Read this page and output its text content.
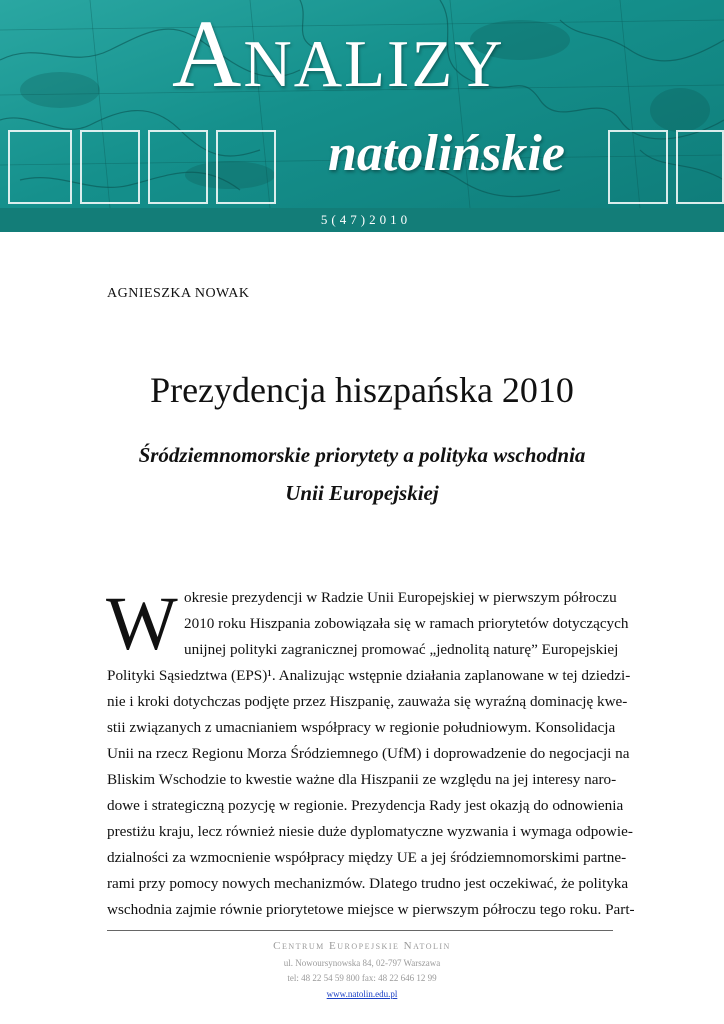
Analizy
natolińskie
5(47)2010
AGNIESZKA NOWAK
Prezydencja hiszpańska 2010
Śródziemnomorskie priorytety a polityka wschodnia
Unii Europejskiej
W okresie prezydencji w Radzie Unii Europejskiej w pierwszym półroczu
2010 roku Hiszpania zobowiązała się w ramach priorytetów dotyczących
unijnej polityki zagranicznej promować „jednolitą naturę” Europejskiej
Polityki Sąsiedztwa (EPS)¹. Analizując wstępnie działania zaplanowane w tej dziedzi-
nie i kroki dotychczas podjęte przez Hiszpanię, zauważa się wyraźną dominację kwe-
stii związanych z umacnianiem współpracy w regionie południowym. Konsolidacja
Unii na rzecz Regionu Morza Śródziemnego (UfM) i doprowadzenie do negocjacji na
Bliskim Wschodzie to kwestie ważne dla Hiszpanii ze względu na jej interesy naro-
dowe i strategiczną pozycję w regionie. Prezydencja Rady jest okazją do odnowienia
prestiżu kraju, lecz również niesie duże dyplomatyczne wyzwania i wymaga odpowie-
dzialności za wzmocnienie współpracy między UE a jej śródziemnomorskimi partne-
rami przy pomocy nowych mechanizmów. Dlatego trudno jest oczekiwać, że polityka
wschodnia zajmie równie priorytetowe miejsce w pierwszym półroczu tego roku. Part-
Centrum Europejskie Natolin
ul. Nowoursynowska 84, 02-797 Warszawa
tel: 48 22 54 59 800 fax: 48 22 646 12 99
www.natolin.edu.pl
